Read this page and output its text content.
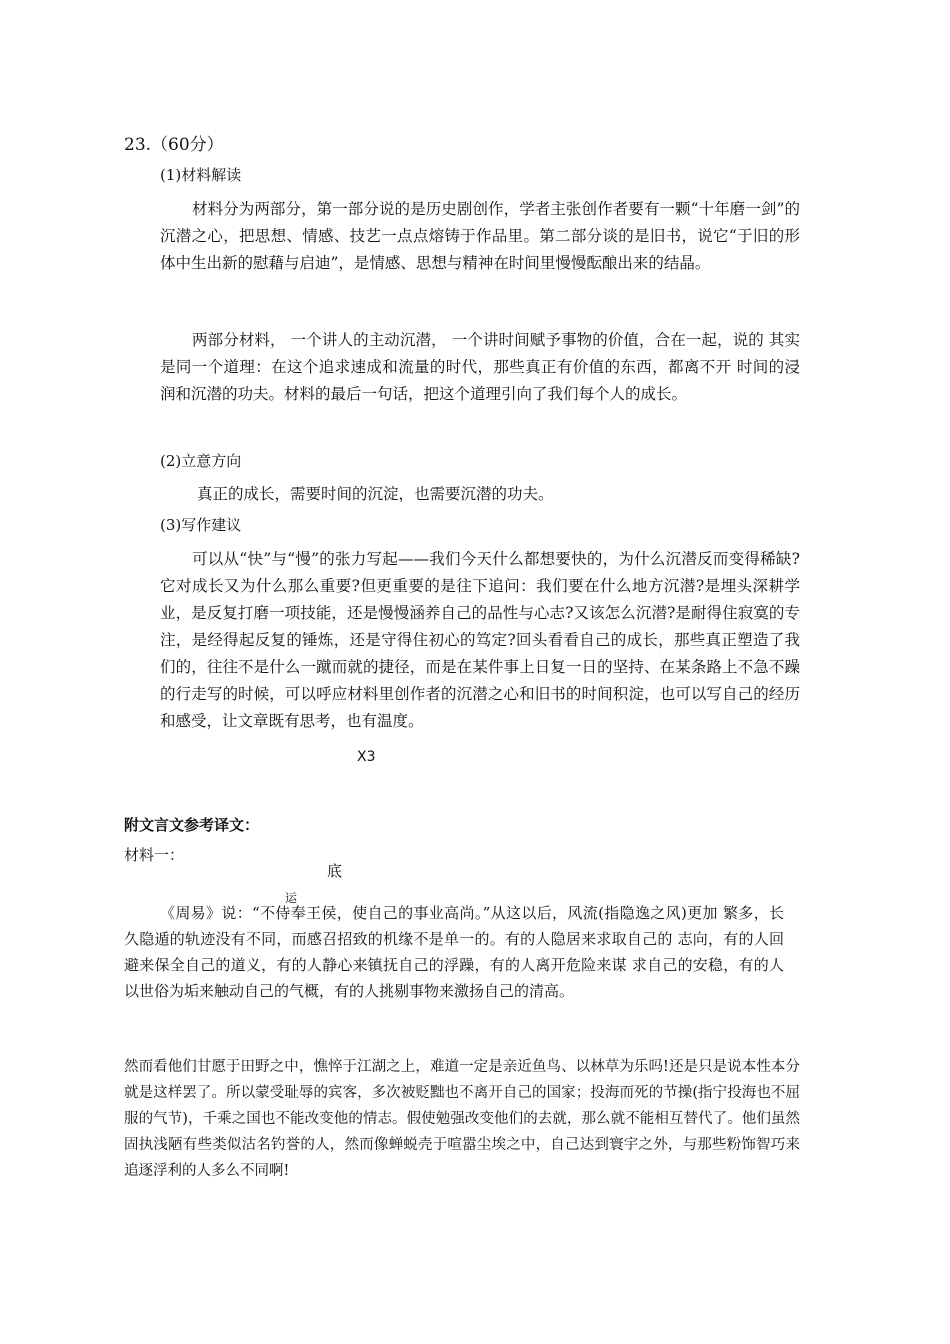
23.（60分）
(1)材料解读
材料分为两部分，第一部分说的是历史剧创作，学者主张创作者要有一颗“十年磨一剑”的沉潜之心，把思想、情感、技艺一点点熔铸于作品里。第二部分谈的是旧书，说它“于旧的形体中生出新的慰藉与启迪”，是情感、思想与精神在时间里慢慢酝酿出来的结晶。
两部分材料， 一个讲人的主动沉潜， 一个讲时间赋予事物的价值，合在一起，说的 其实是同一个道理：在这个追求速成和流量的时代，那些真正有价值的东西，都离不开 时间的浸润和沉潜的功夫。材料的最后一句话，把这个道理引向了我们每个人的成长。
(2)立意方向
真正的成长，需要时间的沉淀，也需要沉潜的功夫。
(3)写作建议
可以从“快”与“慢”的张力写起——我们今天什么都想要快的，为什么沉潜反而变得稀缺?它对成长又为什么那么重要?但更重要的是往下追问：我们要在什么地方沉潜?是埋头深耕学业，是反复打磨一项技能，还是慢慢涵养自己的品性与心志?又该怎么沉潜?是耐得住寂寞的专注，是经得起反复的锤炼，还是守得住初心的笃定?回头看看自己的成长，那些真正塑造了我们的，往往不是什么一蹴而就的捷径，而是在某件事上日复一日的坚持、在某条路上不急不躁的行走写的时候，可以呼应材料里创作者的沉潜之心和旧书的时间积淀，也可以写自己的经历和感受，让文章既有思考，也有温度。
X3
附文言文参考译文：
材料一：
底
运
《周易》说：“不侍奉王侯，使自己的事业高尚。”从这以后，风流(指隐逸之风)更加 繁多，长久隐遁的轨迹没有不同，而感召招致的机缘不是单一的。有的人隐居来求取自己的 志向，有的人回避来保全自己的道义，有的人静心来镇抚自己的浮躁，有的人离开危险来谋 求自己的安稳，有的人以世俗为垢来触动自己的气概，有的人挑剔事物来激扬自己的清高。
然而看他们甘愿于田野之中，憔悴于江湖之上，难道一定是亲近鱼鸟、以林草为乐吗!还是只是说本性本分就是这样罢了。所以蒙受耻辱的宾客，多次被贬黜也不离开自己的国家；投海而死的节操(指宁投海也不屈服的气节)，千乘之国也不能改变他的情志。假使勉强改变他们的去就，那么就不能相互替代了。他们虽然固执浅陋有些类似沽名钓誉的人，然而像蝉蜕壳于喧嚣尘埃之中，自己达到寰宇之外，与那些粉饰智巧来追逐浮利的人多么不同啊!
